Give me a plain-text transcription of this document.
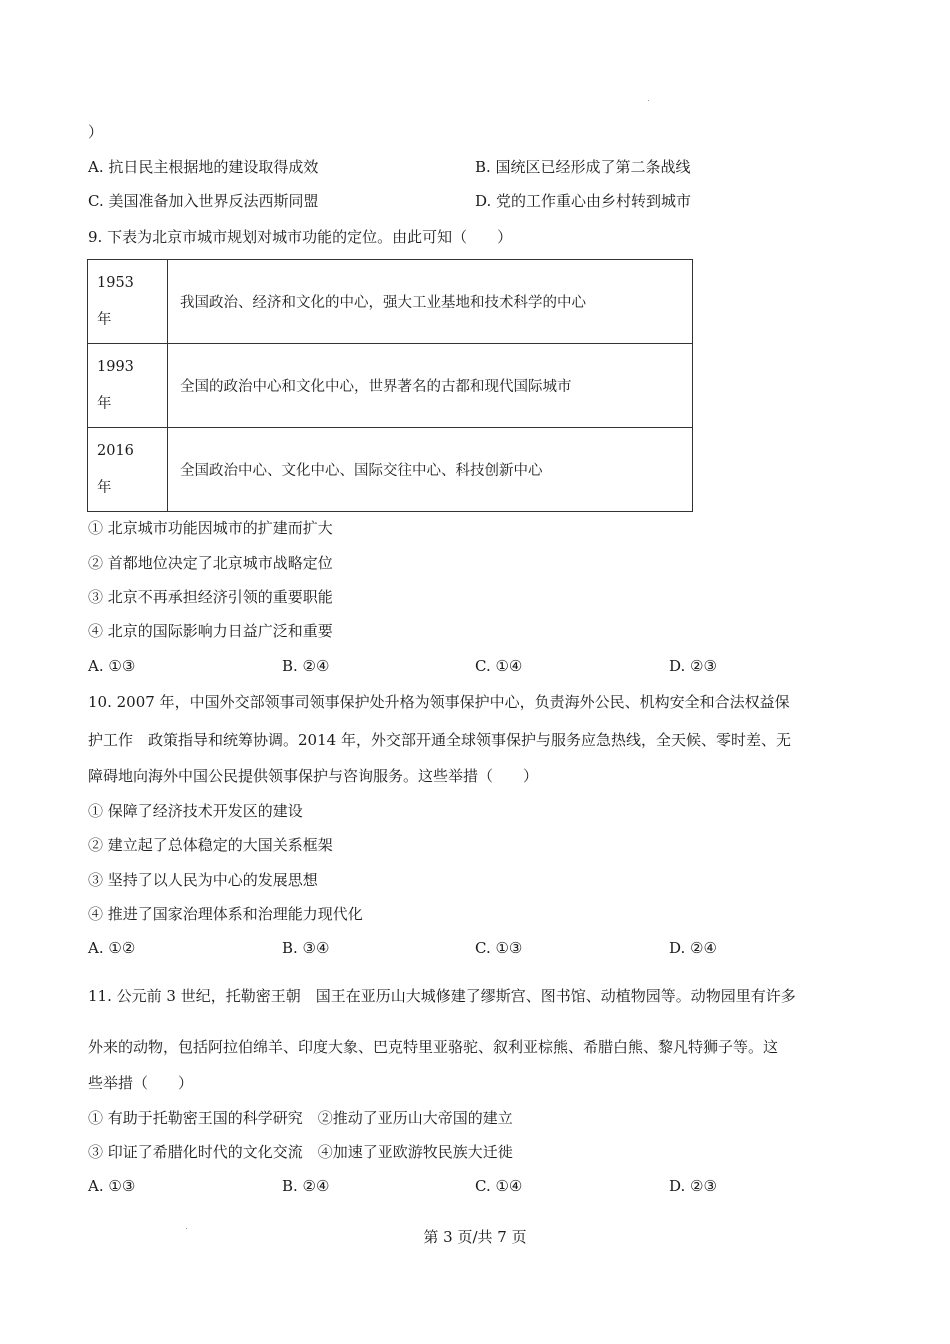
）
A. 抗日民主根据地的建设取得成效	B. 国统区已经形成了第二条战线
C. 美国准备加入世界反法西斯同盟	D. 党的工作重心由乡村转到城市
9. 下表为北京市城市规划对城市功能的定位。由此可知（　　）
1953
年	我国政治、经济和文化的中心，强大工业基地和技术科学的中心
1993
年	全国的政治中心和文化中心，世界著名的古都和现代国际城市
2016
年	全国政治中心、文化中心、国际交往中心、科技创新中心
① 北京城市功能因城市的扩建而扩大
② 首都地位决定了北京城市战略定位
③ 北京不再承担经济引领的重要职能
④ 北京的国际影响力日益广泛和重要
A. ①③	B. ②④	C. ①④	D. ②③
10. 2007 年，中国外交部领事司领事保护处升格为领事保护中心，负责海外公民、机构安全和合法权益保
护工作　政策指导和统筹协调。2014 年，外交部开通全球领事保护与服务应急热线，全天候、零时差、无
障碍地向海外中国公民提供领事保护与咨询服务。这些举措（　　）
① 保障了经济技术开发区的建设
② 建立起了总体稳定的大国关系框架
③ 坚持了以人民为中心的发展思想
④ 推进了国家治理体系和治理能力现代化
A. ①②	B. ③④	C. ①③	D. ②④
11. 公元前 3 世纪，托勒密王朝　国王在亚历山大城修建了缪斯宫、图书馆、动植物园等。动物园里有许多
外来的动物，包括阿拉伯绵羊、印度大象、巴克特里亚骆驼、叙利亚棕熊、希腊白熊、黎凡特狮子等。这
些举措（　　）
① 有助于托勒密王国的科学研究　②推动了亚历山大帝国的建立
③ 印证了希腊化时代的文化交流　④加速了亚欧游牧民族大迁徙
A. ①③	B. ②④	C. ①④	D. ②③
第 3 页/共 7 页
